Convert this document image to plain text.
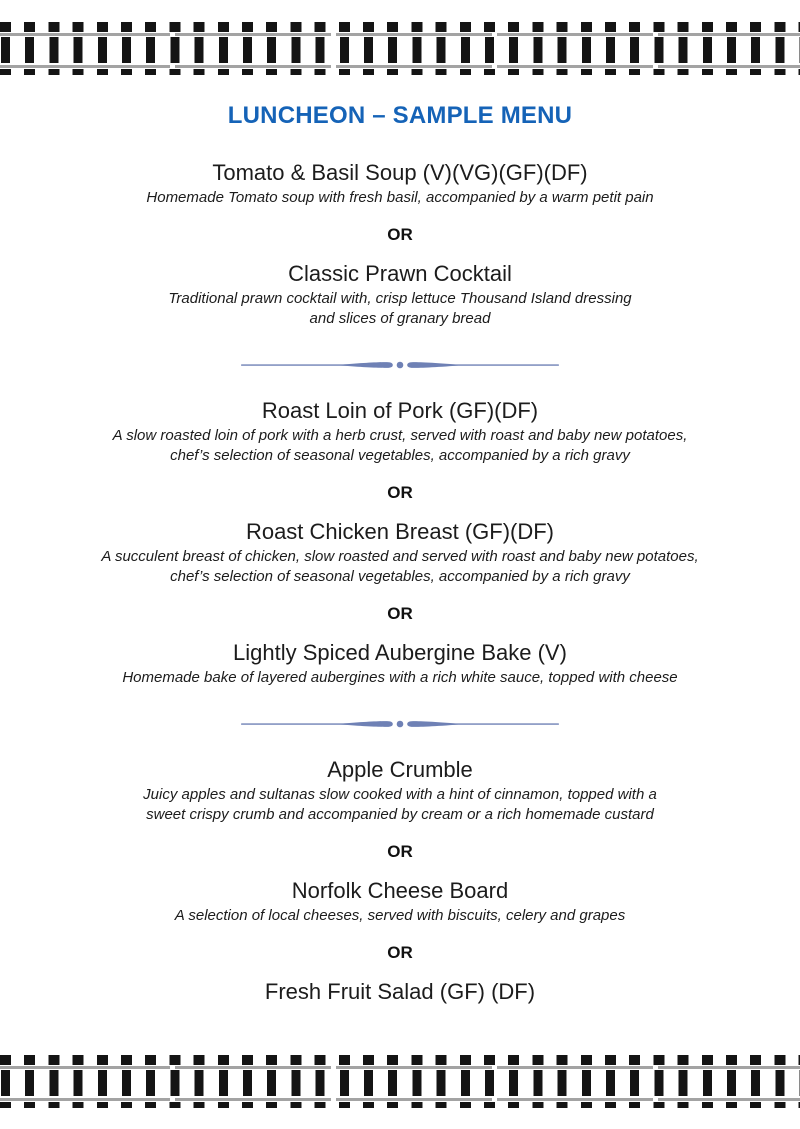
LUNCHEON – SAMPLE MENU
Tomato & Basil Soup (V)(VG)(GF)(DF)

Homemade Tomato soup with fresh basil, accompanied by a warm petit pain

OR
Classic Prawn Cocktail

Traditional prawn cocktail with, crisp lettuce Thousand Island dressing

and slices of granary bread

Roast Loin of Pork (GF)(DF)

A slow roasted loin of pork with a herb crust, served with roast and baby new potatoes,

chef’s selection of seasonal vegetables, accompanied by a rich gravy

OR
Roast Chicken Breast (GF)(DF)

A succulent breast of chicken, slow roasted and served with roast and baby new potatoes,

chef’s selection of seasonal vegetables, accompanied by a rich gravy

OR
Lightly Spiced Aubergine Bake (V)

Homemade bake of layered aubergines with a rich white sauce, topped with cheese

Apple Crumble

Juicy apples and sultanas slow cooked with a hint of cinnamon, topped with a

sweet crispy crumb and accompanied by cream or a rich homemade custard

OR
Norfolk Cheese Board

A selection of local cheeses, served with biscuits, celery and grapes

OR
Fresh Fruit Salad (GF) (DF)
